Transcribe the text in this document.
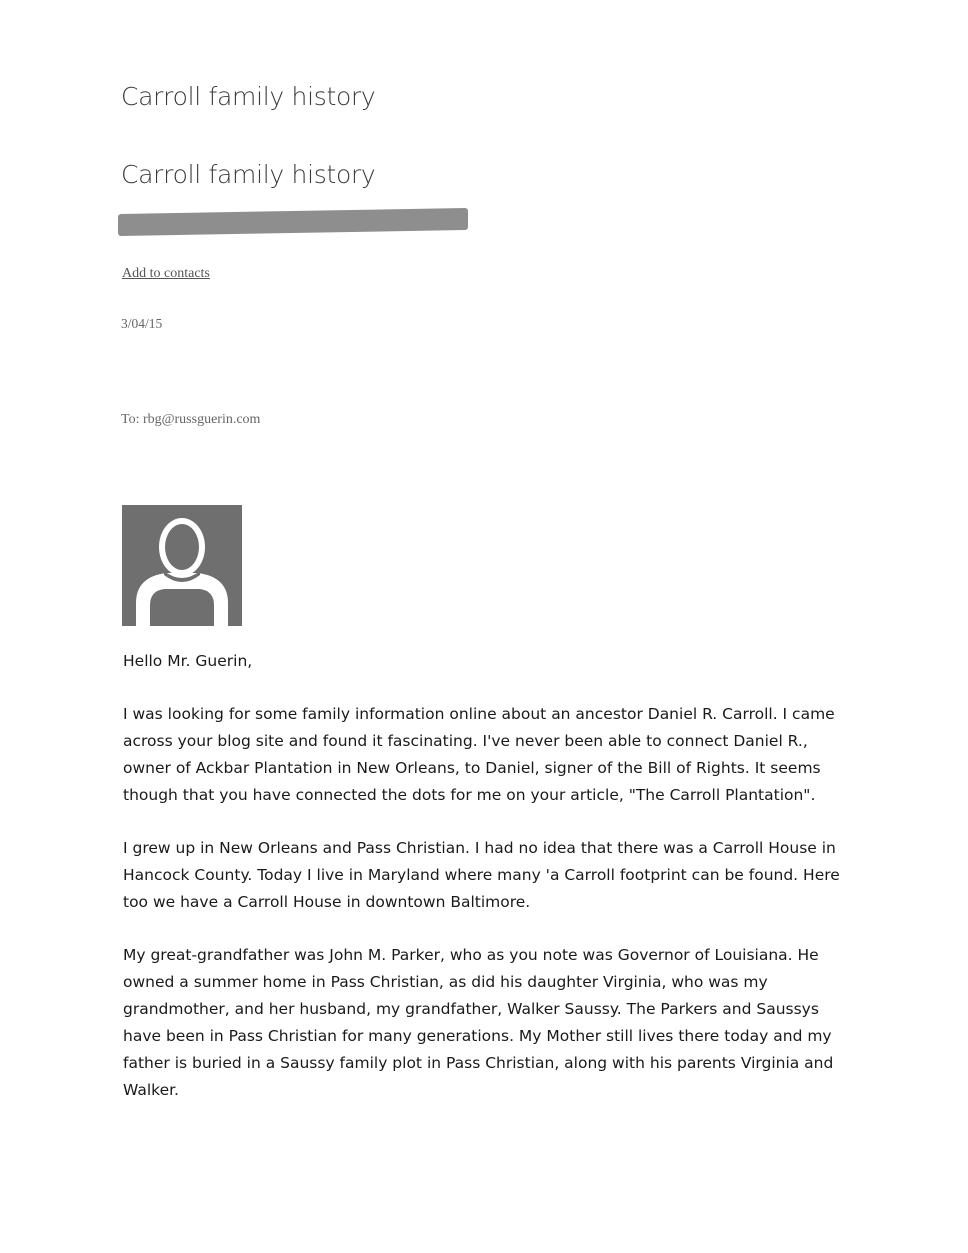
Carroll family history
Carroll family history
Add to contacts
3/04/15
To: rbg@russguerin.com

Hello Mr. Guerin,

I was looking for some family information online about an ancestor Daniel R. Carroll. I came across your blog site and found it fascinating. I've never been able to connect Daniel R., owner of Ackbar Plantation in New Orleans, to Daniel, signer of the Bill of Rights. It seems though that you have connected the dots for me on your article, "The Carroll Plantation".

I grew up in New Orleans and Pass Christian. I had no idea that there was a Carroll House in Hancock County. Today I live in Maryland where many 'a Carroll footprint can be found. Here too we have a Carroll House in downtown Baltimore.

My great-grandfather was John M. Parker, who as you note was Governor of Louisiana. He owned a summer home in Pass Christian, as did his daughter Virginia, who was my grandmother, and her husband, my grandfather, Walker Saussy. The Parkers and Saussys have been in Pass Christian for many generations. My Mother still lives there today and my father is buried in a Saussy family plot in Pass Christian, along with his parents Virginia and Walker.
